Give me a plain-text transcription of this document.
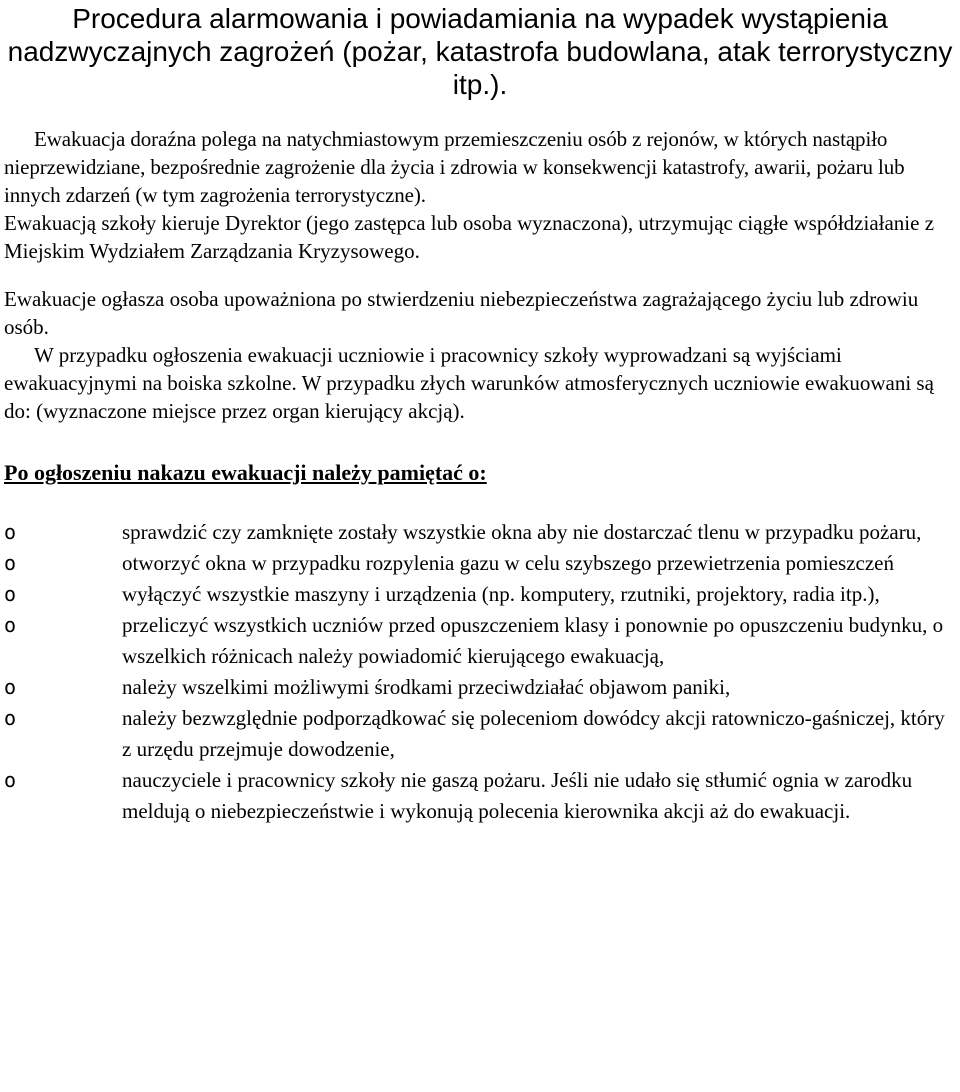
Procedura alarmowania i powiadamiania na wypadek wystąpienia nadzwyczajnych zagrożeń (pożar, katastrofa budowlana, atak terrorystyczny itp.).

Ewakuacja doraźna polega na natychmiastowym przemieszczeniu osób z rejonów, w których nastąpiło nieprzewidziane, bezpośrednie zagrożenie dla życia i zdrowia w konsekwencji katastrofy, awarii, pożaru lub innych zdarzeń (w tym zagrożenia terrorystyczne).

Ewakuacją szkoły kieruje Dyrektor (jego zastępca lub osoba wyznaczona), utrzymując ciągłe współdziałanie z Miejskim Wydziałem Zarządzania Kryzysowego.

Ewakuacje ogłasza osoba upoważniona po stwierdzeniu niebezpieczeństwa zagrażającego życiu lub zdrowiu osób.

W przypadku ogłoszenia ewakuacji uczniowie i pracownicy szkoły wyprowadzani są wyjściami ewakuacyjnymi na boiska szkolne. W przypadku złych warunków atmosferycznych uczniowie ewakuowani są do: (wyznaczone miejsce przez organ kierujący akcją).

Po ogłoszeniu nakazu ewakuacji należy pamiętać o:
o	sprawdzić czy zamknięte zostały wszystkie okna aby nie dostarczać tlenu w przypadku pożaru,
o	otworzyć okna w przypadku rozpylenia gazu w celu szybszego przewietrzenia pomieszczeń
o	wyłączyć wszystkie maszyny i urządzenia (np. komputery, rzutniki, projektory, radia itp.),
o	przeliczyć wszystkich uczniów przed opuszczeniem klasy i ponownie po opuszczeniu budynku, o wszelkich różnicach należy powiadomić kierującego ewakuacją,
o	należy wszelkimi możliwymi środkami przeciwdziałać objawom paniki,
o	należy bezwzględnie podporządkować się poleceniom dowódcy akcji ratowniczo-gaśniczej, który z urzędu przejmuje dowodzenie,
o	nauczyciele i pracownicy szkoły nie gaszą pożaru. Jeśli nie udało się stłumić ognia w zarodku meldują o niebezpieczeństwie i wykonują polecenia kierownika akcji aż do ewakuacji.
